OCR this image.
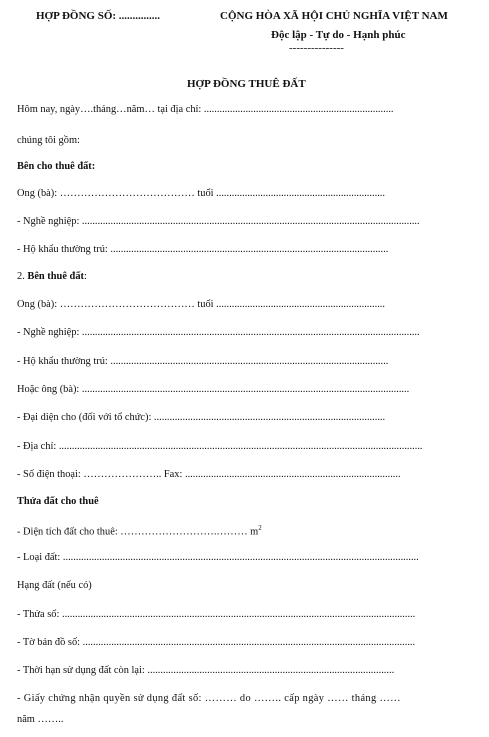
HỢP ĐỒNG SỐ: ...............	CỘNG HÒA XÃ HỘI CHỦ NGHĨA VIỆT NAM
Độc lập - Tự do - Hạnh phúc
---------------
HỢP ĐỒNG THUÊ ĐẤT
Hôm nay, ngày….tháng…năm… tại địa chỉ: .........................................................................
chúng tôi gồm:
Bên cho thuê đất:
Ông (bà): ………………………………… tuổi .................................................................
- Nghề nghiệp: ..................................................................................................................................
- Hộ khẩu thường trú: ...........................................................................................................
2. Bên thuê đất:
Ông (bà): ………………………………… tuổi .................................................................
- Nghề nghiệp: ..................................................................................................................................
- Hộ khẩu thường trú: ...........................................................................................................
Hoặc ông (bà): ..............................................................................................................................
- Đại diện cho (đối với tổ chức): .........................................................................................
- Địa chỉ: ............................................................................................................................................
- Số điện thoại: ………………….. Fax: ...................................................................................
Thửa đất cho thuê
- Diện tích đất cho thuê: ……………………….……… $m^2$
- Loại đất: .........................................................................................................................................
Hạng đất (nếu có)
- Thửa số: ........................................................................................................................................
- Tờ bản đồ số: ................................................................................................................................
- Thời hạn sử dụng đất còn lại: ...............................................................................................
- Giấy chứng nhận quyền sử dụng đất số: ……… do …….. cấp ngày …… tháng ……
năm ……..
